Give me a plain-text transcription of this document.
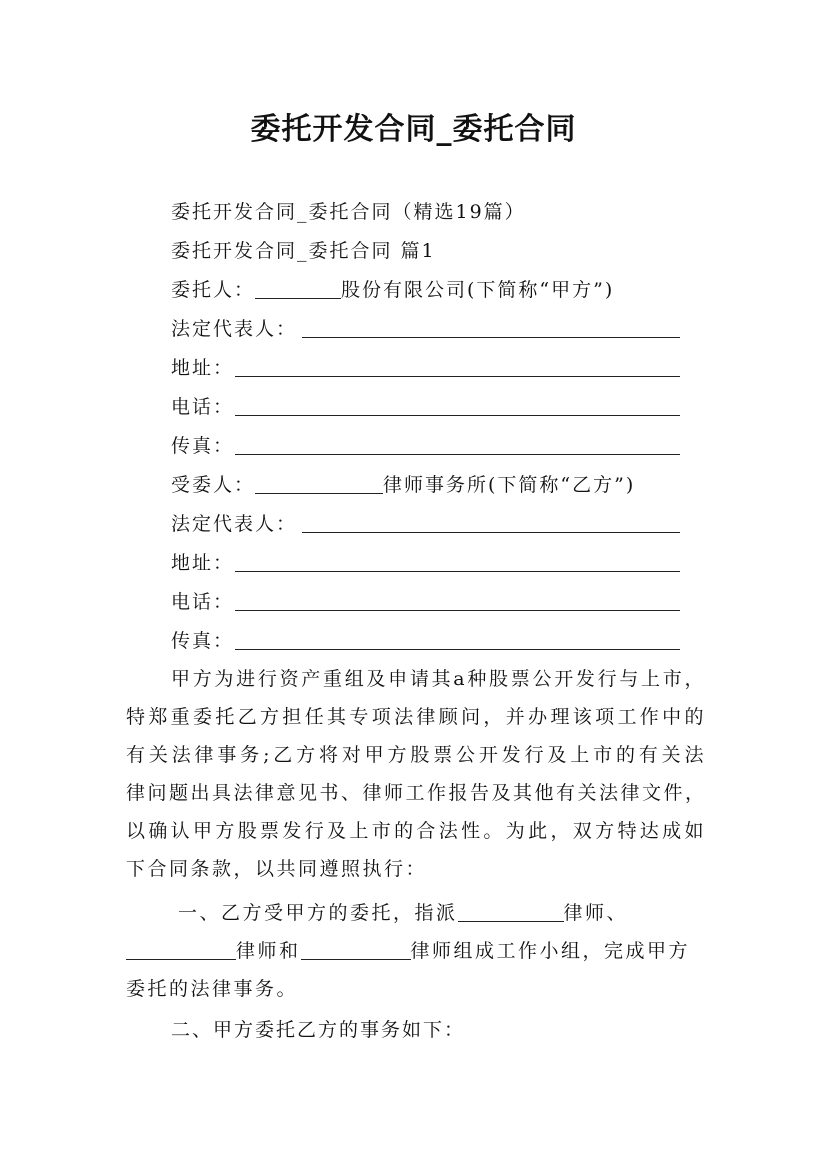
委托开发合同_委托合同
委托开发合同_委托合同（精选19篇）
委托开发合同_委托合同 篇1
委托人：	股份有限公司(下简称“甲方”)
法定代表人：
地址：
电话：
传真：
受委人：	律师事务所(下简称“乙方”)
法定代表人：
地址：
电话：
传真：
甲方为进行资产重组及申请其a种股票公开发行与上市，
特郑重委托乙方担任其专项法律顾问，并办理该项工作中的
有关法律事务;乙方将对甲方股票公开发行及上市的有关法
律问题出具法律意见书、律师工作报告及其他有关法律文件，
以确认甲方股票发行及上市的合法性。为此，双方特达成如
下合同条款，以共同遵照执行：
一、乙方受甲方的委托，指派	律师、
律师和	律师组成工作小组，完成甲方
委托的法律事务。
二、甲方委托乙方的事务如下：
